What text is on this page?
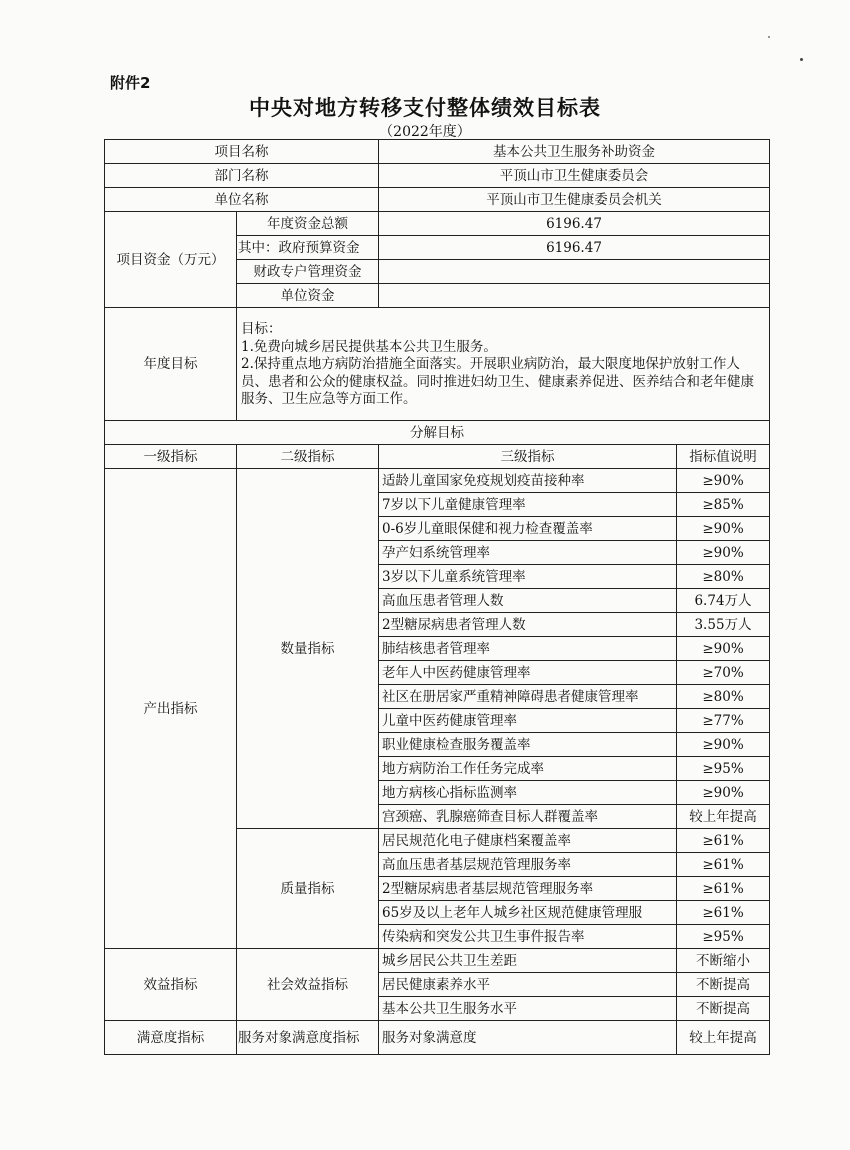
附件2
中央对地方转移支付整体绩效目标表
（2022年度）
项目名称		基本公共卫生服务补助资金	
部门名称		平顶山市卫生健康委员会	
单位名称		平顶山市卫生健康委员会机关	
项目资金（万元）	年度资金总额	6196.47	
	其中：政府预算资金	6196.47	
	财政专户管理资金		
	单位资金		
年度目标	目标：
1.免费向城乡居民提供基本公共卫生服务。
2.保持重点地方病防治措施全面落实。开展职业病防治，最大限度地保护放射工作人员、患者和公众的健康权益。同时推进妇幼卫生、健康素养促进、医养结合和老年健康服务、卫生应急等方面工作。		

分解目标			
一级指标	二级指标	三级指标	指标值说明
产出指标	数量指标	适龄儿童国家免疫规划疫苗接种率	≥90%
		7岁以下儿童健康管理率	≥85%
		0-6岁儿童眼保健和视力检查覆盖率	≥90%
		孕产妇系统管理率	≥90%
		3岁以下儿童系统管理率	≥80%
		高血压患者管理人数	6.74万人
		2型糖尿病患者管理人数	3.55万人
		肺结核患者管理率	≥90%
		老年人中医药健康管理率	≥70%
		社区在册居家严重精神障碍患者健康管理率	≥80%
		儿童中医药健康管理率	≥77%
		职业健康检查服务覆盖率	≥90%
		地方病防治工作任务完成率	≥95%
		地方病核心指标监测率	≥90%
		宫颈癌、乳腺癌筛查目标人群覆盖率	较上年提高
	质量指标	居民规范化电子健康档案覆盖率	≥61%
		高血压患者基层规范管理服务率	≥61%
		2型糖尿病患者基层规范管理服务率	≥61%
		65岁及以上老年人城乡社区规范健康管理服	≥61%
		传染病和突发公共卫生事件报告率	≥95%
效益指标	社会效益指标	城乡居民公共卫生差距	不断缩小
		居民健康素养水平	不断提高
		基本公共卫生服务水平	不断提高
满意度指标	服务对象满意度指标	服务对象满意度	较上年提高
